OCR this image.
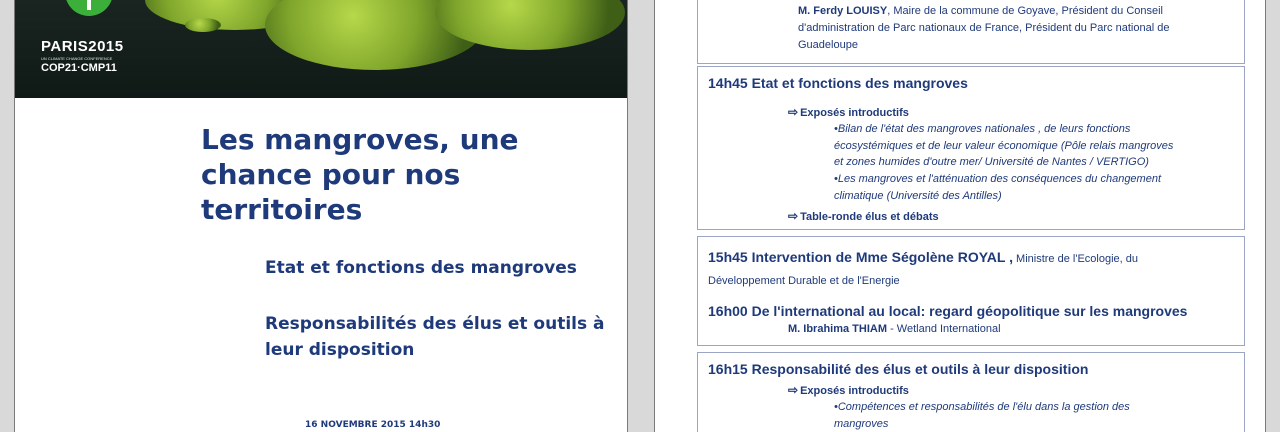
PARIS2015
UN CLIMATE CHANGE CONFERENCE
COP21·CMP11
Les mangroves, une chance pour nos territoires
Etat et fonctions des mangroves
Responsabilités des élus et outils à leur disposition
16 NOVEMBRE 2015 14h30
M. Ferdy LOUISY, Maire de la commune de Goyave, Président du Conseil
d'administration de Parc nationaux de France, Président du Parc national de
Guadeloupe
14h45 Etat et fonctions des mangroves
⇨ Exposés introductifs
•Bilan de l'état des mangroves nationales , de leurs fonctions
écosystémiques et de leur valeur économique (Pôle relais mangroves
et zones humides d'outre mer/ Université de Nantes / VERTIGO)
•Les mangroves et l'atténuation des conséquences du changement
climatique (Université des Antilles)
⇨ Table-ronde élus et débats
15h45 Intervention de Mme Ségolène ROYAL , Ministre de l'Ecologie, du
Développement Durable et de l'Energie
16h00 De l'international au local: regard géopolitique sur les mangroves
M. Ibrahima THIAM - Wetland International
16h15 Responsabilité des élus et outils à leur disposition
⇨ Exposés introductifs
•Compétences et responsabilités de l'élu dans la gestion des
mangroves
